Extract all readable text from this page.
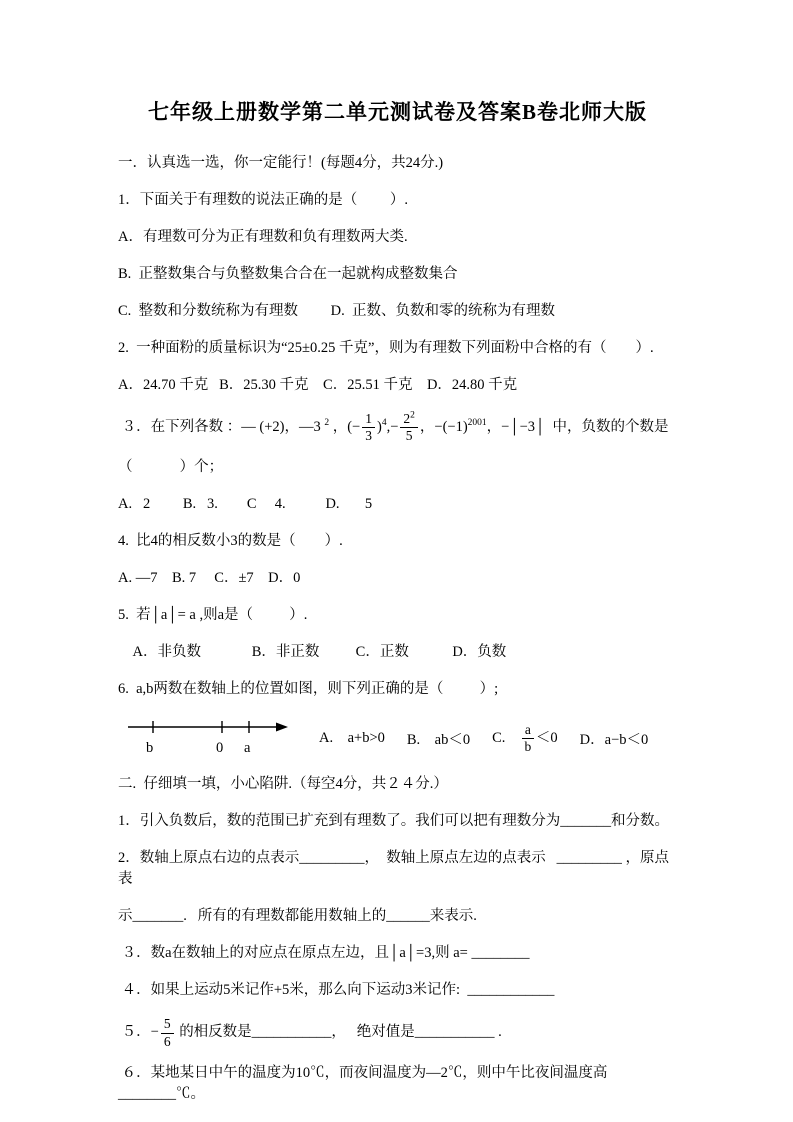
七年级上册数学第二单元测试卷及答案B卷北师大版

一．认真选一选，你一定能行！(每题4分，共24分.)

1．下面关于有理数的说法正确的是（         ）.

A．有理数可分为正有理数和负有理数两大类.

B.  正整数集合与负整数集合合在一起就构成整数集合

C.  整数和分数统称为有理数         D.  正数、负数和零的统称为有理数

2.  一种面粉的质量标识为“25±0.25 千克”，则为有理数下列面粉中合格的有（        ）.

A．24.70 千克   B．25.30 千克    C．25.51 千克    D．24.80 千克

３．在下列各数 ：— (+2)，—3 $^2$ ，(− $\frac{1}{3} )^4,- \frac{2^2}{5}$ ，$-(-1)^{2001}$，−│−3│  中，负数的个数是

（             ）个；

A.   2         B.   3.        C     4.           D.       5

4.  比4的相反数小3的数是（        ）.

A. —7    B. 7     C．±7    D．0

5.  若│a│= a ,则a是（          ）.

A．非负数              B．非正数          C．正数            D．负数

6.  a,b两数在数轴上的位置如图，则下列正确的是（          ）;

b	0 a
A.    a+b>0 B.    ab＜0 C. $\frac{a}{b} <0$ D．a−b＜0

二.  仔细填一填，小心陷阱.（每空4分，共２４分.）

1．引入负数后，数的范围已扩充到有理数了。我们可以把有理数分为_______和分数。

2．数轴上原点右边的点表示_________，  数轴上原点左边的点表示   _________ ，原点表

示_______.   所有的有理数都能用数轴上的______来表示.

３．数a在数轴上的对应点在原点左边，且│a│=3,则 a= ________

４．如果上运动5米记作+5米，那么向下运动3米记作:  ____________

５．− $\frac{5}{6}$ 的相反数是___________，   绝对值是___________ .

６．某地某日中午的温度为10℃，而夜间温度为—2℃，则中午比夜间温度高________℃。
